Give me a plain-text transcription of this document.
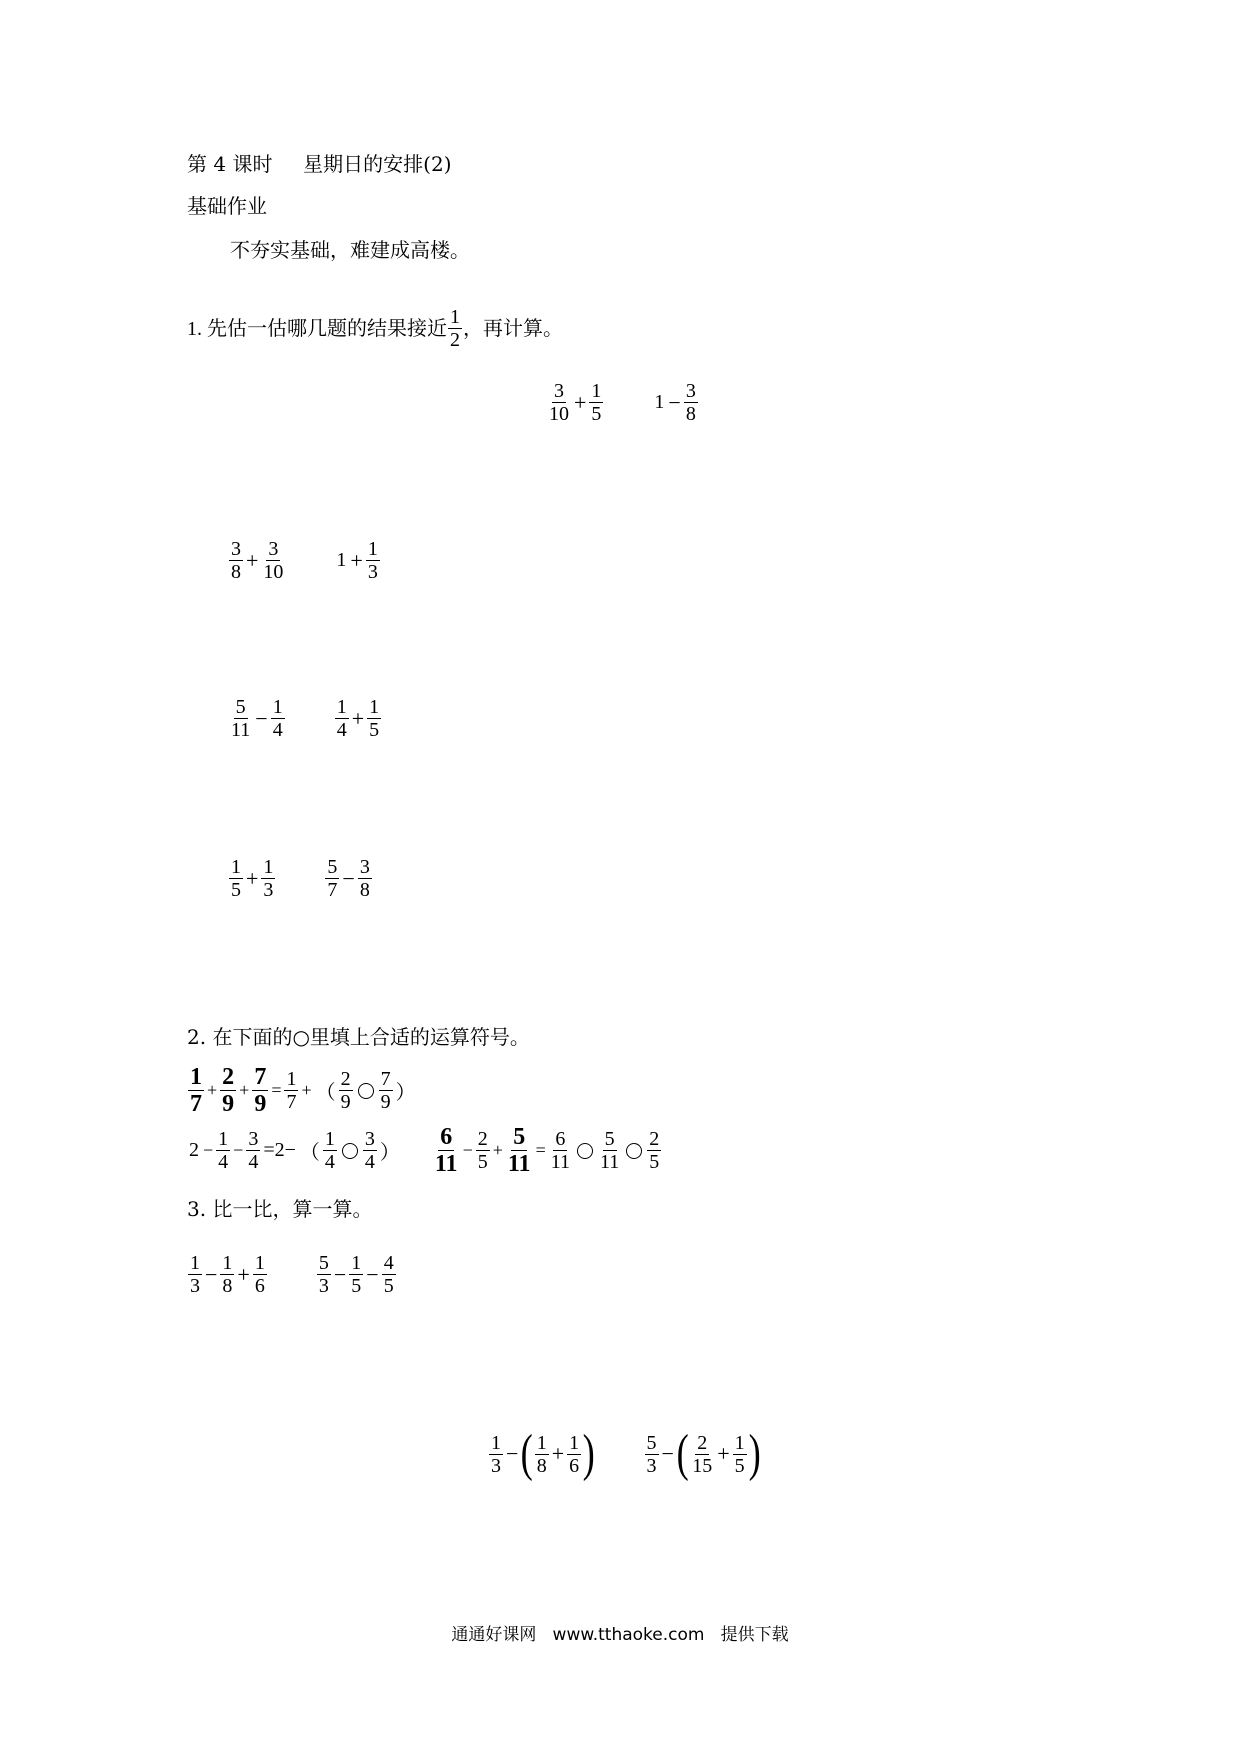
第 4 课时 星期日的安排(2)
基础作业
不夯实基础，难建成高楼。
1. 先估一估哪几题的结果接近 $\frac{1}{2}$ ，再计算。
$\frac{3}{10} + \frac{1}{5}$	$1 - \frac{3}{8}$
$\frac{3}{8} + \frac{3}{10}$	$1 + \frac{1}{3}$
$\frac{5}{11} - \frac{1}{4}$	$\frac{1}{4} + \frac{1}{5}$
$\frac{1}{5} + \frac{1}{3}$	$\frac{5}{7} - \frac{3}{8}$
2. 在下面的○里填上合适的运算符号。
$\frac{1}{7} + \frac{2}{9} + \frac{7}{9} = \frac{1}{7}$ + （ $\frac{2}{9} \frac{7}{9}$ ）
$2 - \frac{1}{4} - \frac{3}{4} =2-$ （ $\frac{1}{4} \frac{3}{4}$ ） $\frac{6}{11} - \frac{2}{5} + \frac{5}{11} = \frac{6}{11} \frac{5}{11} \frac{2}{5}$
3. 比一比，算一算。
$\frac{1}{3} - \frac{1}{8} + \frac{1}{6}$	$\frac{5}{3} - \frac{1}{5} - \frac{4}{5}$
$\frac{1}{3}$ − ( $\frac{1}{8} + \frac{1}{6}$ ) $\frac{5}{3}$ − ( $\frac{2}{15} + \frac{1}{5}$ )
通通好课网   www.tthaoke.com   提供下载
